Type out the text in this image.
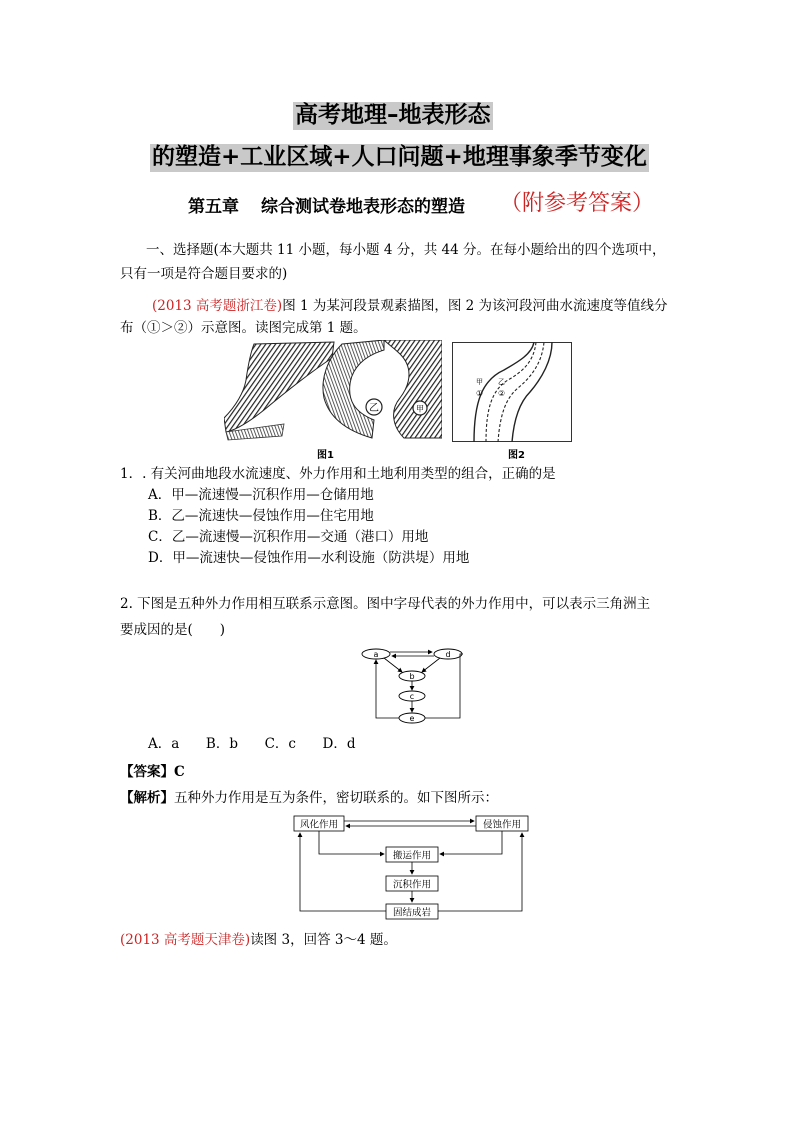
高考地理–地表形态
的塑造+工业区域+人口问题+地理事象季节变化
第五章 综合测试卷地表形态的塑造 （附参考答案）
一、选择题(本大题共 11 小题，每小题 4 分，共 44 分。在每小题给出的四个选项中，
只有一项是符合题目要求的)
(2013 高考题浙江卷)图 1 为某河段景观素描图，图 2 为该河段河曲水流速度等值线分
布（①＞②）示意图。读图完成第 1 题。
乙	甲
图1
甲
①
乙
②
图2
1．. 有关河曲地段水流速度、外力作用和土地利用类型的组合，正确的是
A．甲—流速慢—沉积作用—仓储用地
B．乙—流速快—侵蚀作用—住宅用地
C．乙—流速慢—沉积作用—交通（港口）用地
D．甲—流速快—侵蚀作用—水利设施（防洪堤）用地
2. 下图是五种外力作用相互联系示意图。图中字母代表的外力作用中，可以表示三角洲主
要成因的是(　　)
a	d
b
c
e
A．a B．b C．c D．d
【答案】C
【解析】五种外力作用是互为条件，密切联系的。如下图所示：
风化作用	侵蚀作用
搬运作用
沉积作用
固结成岩
(2013 高考题天津卷)读图 3，回答 3～4 题。
